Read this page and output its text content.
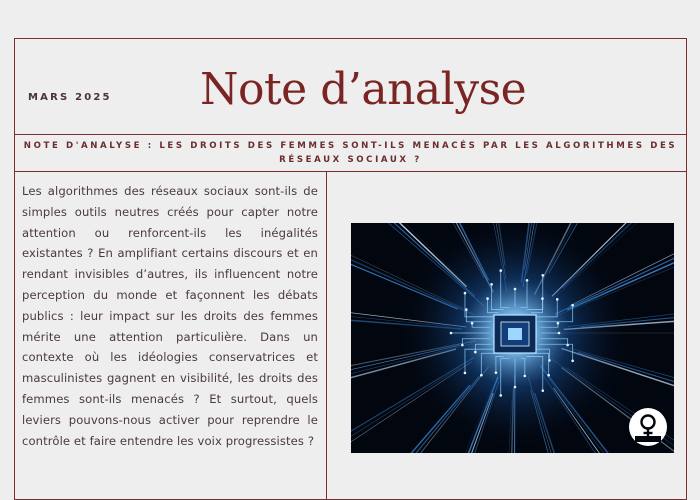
MARS 2025 Note d’analyse
NOTE D'ANALYSE : LES DROITS DES FEMMES SONT-ILS MENACÉS PAR LES ALGORITHMES DES RÉSEAUX SOCIAUX ?
Les algorithmes des réseaux sociaux sont-ils de simples outils neutres créés pour capter notre attention ou renforcent-ils les inégalités existantes ? En amplifiant certains discours et en rendant invisibles d’autres, ils influencent notre perception du monde et façonnent les débats publics : leur impact sur les droits des femmes mérite une attention particulière. Dans un contexte où les idéologies conservatrices et masculinistes gagnent en visibilité, les droits des femmes sont-ils menacés ? Et surtout, quels leviers pouvons-nous activer pour reprendre le contrôle et faire entendre les voix progressistes ?
